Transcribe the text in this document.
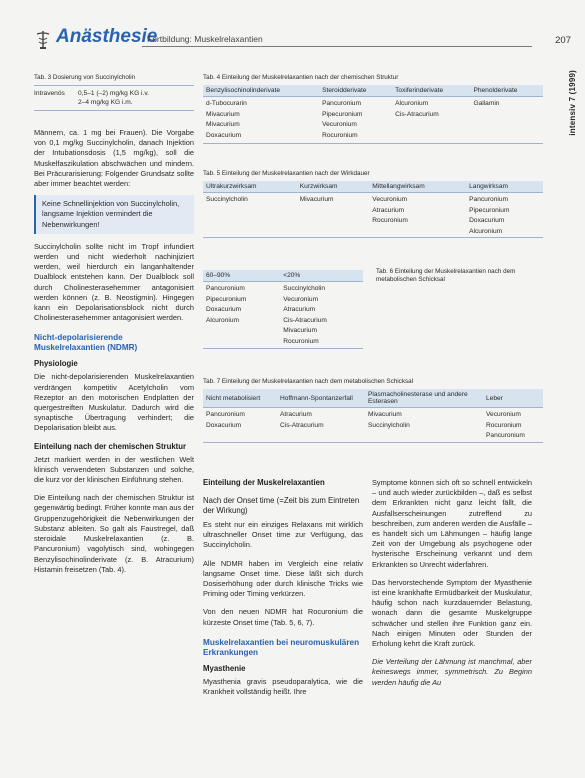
Anästhesie
Fortbildung: Muskelrelaxantien	207
intensiv 7 (1999)
Tab. 3 Dosierung von Succinylcholin
Intravenös	0,5–1 (–2) mg/kg KG i.v.
2–4 mg/kg KG i.m.
Tab. 4 Einteilung der Muskelrelaxantien nach der chemischen Struktur
Benzylisochinolinderivate	Steroidderivate	Toxiferinderivate	Phenolderivate
d-Tubocurarin	Pancuronium	Alcuronium	Gallamin
Mivacurium	Pipecuronium	Cis-Atracurium	
Mivacurium	Vecuronium		
Doxacurium	Rocuronium		
Tab. 5 Einteilung der Muskelrelaxantien nach der Wirkdauer
Ultrakurzwirksam	Kurzwirksam	Mittellangwirksam	Langwirksam
Succinylcholin	Mivacurium	Vecuronium	Pancuronium
		Atracurium	Pipecuronium
		Rocuronium	Doxacurium
			Alcuronium
60–90%	<20%
Pancuronium	Succinylcholin
Pipecuronium	Vecuronium
Doxacurium	Atracurium
Alcuronium	Cis-Atracurium
	Mivacurium
	Rocuronium
Tab. 6 Einteilung der Muskelrelaxantien nach dem metabolischen Schicksal
Tab. 7 Einteilung der Muskelrelaxantien nach dem metabolischen Schicksal
Nicht metabolisiert	Hoffmann-Spontanzerfall	Plasmacholinesterase und andere Esterasen	Leber
Pancuronium	Atracurium	Mivacurium	Vecuronium
Doxacurium	Cis-Atracurium	Succinylcholin	Rocuronium
			Pancuronium
Männern, ca. 1 mg bei Frauen). Die Vorgabe von 0,1 mg/kg Succinylcholin, danach Injektion der Intubationsdosis (1,5 mg/kg), soll die Muskelfaszikulation abschwächen und mindern. Bei Präcurarisierung: Folgender Grundsatz sollte aber immer beachtet werden:
Keine Schnellinjektion von Succinylcholin, langsame Injektion vermindert die Nebenwirkungen!
Succinylcholin sollte nicht im Tropf infundiert werden und nicht wiederholt nachinjiziert werden, weil hierdurch ein langanhaltender Dualblock entstehen kann. Der Dualblock soll durch Cholinesterasehemmer antagonisiert werden können (z. B. Neostigmin). Hingegen kann ein Depolarisationsblock nicht durch Cholinesterasehemmer antagonisiert werden.
Nicht-depolarisierende Muskelrelaxantien (NDMR)
Physiologie
Die nicht-depolarisierenden Muskelrelaxantien verdrängen kompetitiv Acetylcholin vom Rezeptor an den motorischen Endplatten der quergestreiften Muskulatur. Dadurch wird die synaptische Übertragung verhindert; die Depolarisation bleibt aus.
Einteilung nach der chemischen Struktur
Jetzt markiert werden in der westlichen Welt klinisch verwendeten Substanzen und solche, die kurz vor der klinischen Einführung stehen.
Die Einteilung nach der chemischen Struktur ist gegenwärtig bedingt. Früher konnte man aus der Gruppenzugehörigkeit die Nebenwirkungen der Substanz ableiten. So galt als Faustregel, daß steroidale Muskelrelaxantien (z. B. Pancuronium) vagolytisch sind, wohingegen Benzylisochinolinderivate (z. B. Atracurium) Histamin freisetzen (Tab. 4).
Einteilung der Muskelrelaxantien
Nach der Onset time (=Zeit bis zum Eintreten der Wirkung)
Es steht nur ein einziges Relaxans mit wirklich ultraschneller Onset time zur Verfügung, das Succinylcholin.
Alle NDMR haben im Vergleich eine relativ langsame Onset time. Diese läßt sich durch Dosiserhöhung oder durch klinische Tricks wie Priming oder Timing verkürzen.
Von den neuen NDMR hat Rocuronium die kürzeste Onset time (Tab. 5, 6, 7).
Muskelrelaxantien bei neuromuskulären Erkrankungen
Myasthenie
Myasthenia gravis pseudoparalytica, wie die Krankheit vollständig heißt. Ihre
Symptome können sich oft so schnell entwickeln – und auch wieder zurückbilden –, daß es selbst dem Erkrankten nicht ganz leicht fällt, die Ausfallserscheinungen zutreffend zu beschreiben, zum anderen werden die Ausfälle – es handelt sich um Lähmungen – häufig lange Zeit von der Umgebung als psychogene oder hysterische Erscheinung verkannt und dem Erkrankten so Unrecht widerfahren.
Das hervorstechende Symptom der Myasthenie ist eine krankhafte Ermüdbarkeit der Muskulatur, häufig schon nach kurzdauernder Belastung, wonach dann die gesamte Muskelgruppe schwächer und stellen ihre Funktion ganz ein. Nach einigen Minuten oder Stunden der Erholung kehrt die Kraft zurück.
Die Verteilung der Lähmung ist manchmal, aber keineswegs immer, symmetrisch. Zu Beginn werden häufig die Au
